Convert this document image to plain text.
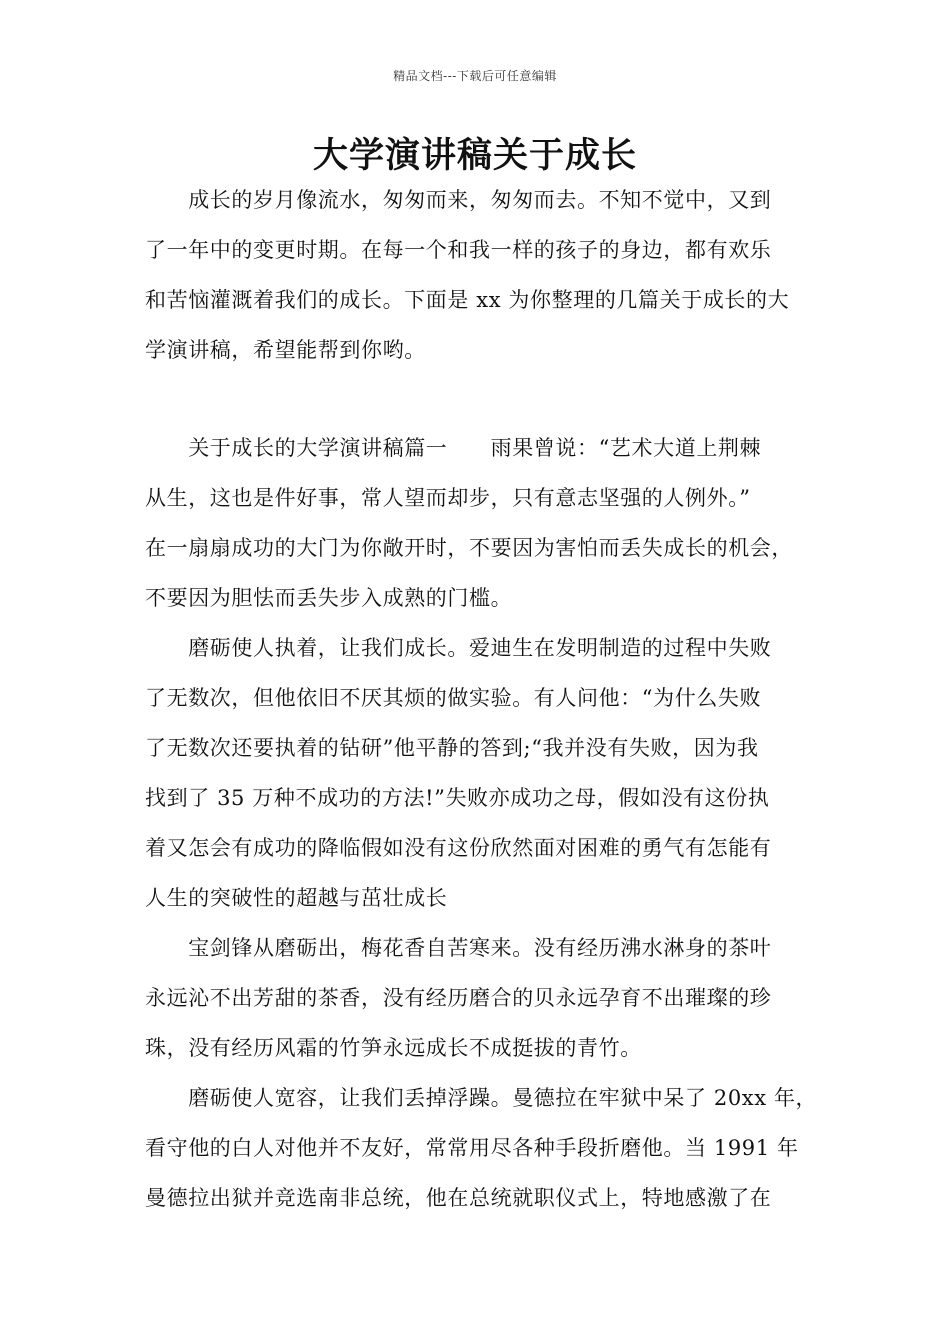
精品文档---下载后可任意编辑
大学演讲稿关于成长
　　成长的岁月像流水，匆匆而来，匆匆而去。不知不觉中，又到
了一年中的变更时期。在每一个和我一样的孩子的身边，都有欢乐
和苦恼灌溉着我们的成长。下面是 xx 为你整理的几篇关于成长的大
学演讲稿，希望能帮到你哟。
　　关于成长的大学演讲稿篇一　　雨果曾说：“艺术大道上荆棘
从生，这也是件好事，常人望而却步，只有意志坚强的人例外。”
在一扇扇成功的大门为你敞开时，不要因为害怕而丢失成长的机会，
不要因为胆怯而丢失步入成熟的门槛。
　　磨砺使人执着，让我们成长。爱迪生在发明制造的过程中失败
了无数次，但他依旧不厌其烦的做实验。有人问他：“为什么失败
了无数次还要执着的钻研”他平静的答到;“我并没有失败，因为我
找到了 35 万种不成功的方法!”失败亦成功之母，假如没有这份执
着又怎会有成功的降临假如没有这份欣然面对困难的勇气有怎能有
人生的突破性的超越与茁壮成长
　　宝剑锋从磨砺出，梅花香自苦寒来。没有经历沸水淋身的茶叶
永远沁不出芳甜的茶香，没有经历磨合的贝永远孕育不出璀璨的珍
珠，没有经历风霜的竹笋永远成长不成挺拔的青竹。
　　磨砺使人宽容，让我们丢掉浮躁。曼德拉在牢狱中呆了 20xx 年，
看守他的白人对他并不友好，常常用尽各种手段折磨他。当 1991 年
曼德拉出狱并竞选南非总统，他在总统就职仪式上，特地感激了在
